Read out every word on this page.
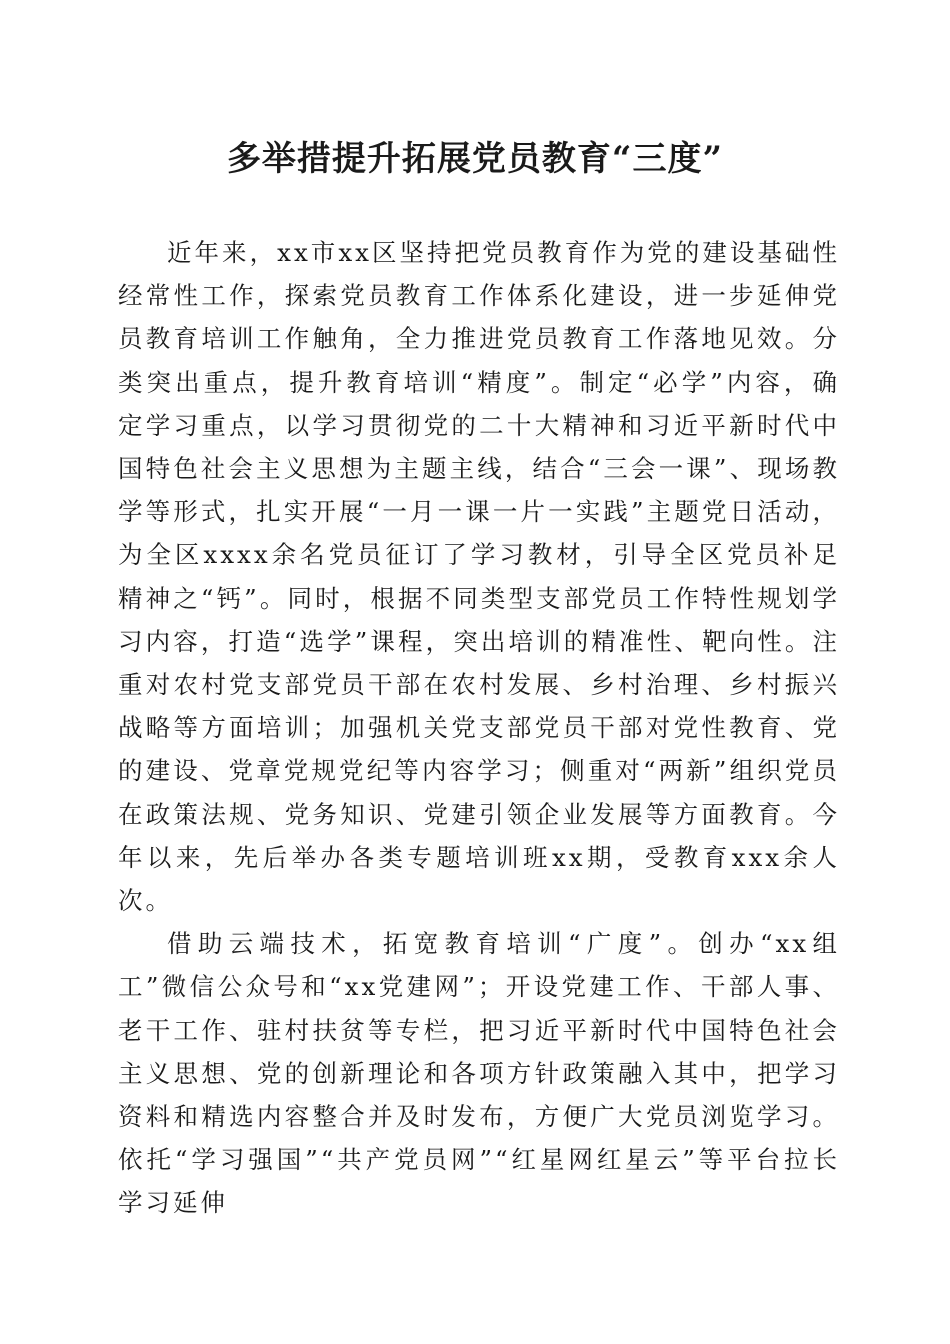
多举措提升拓展党员教育“三度”

近年来，xx市xx区坚持把党员教育作为党的建设基础性经常性工作，探索党员教育工作体系化建设，进一步延伸党员教育培训工作触角，全力推进党员教育工作落地见效。分类突出重点，提升教育培训“精度”。制定“必学”内容，确定学习重点，以学习贯彻党的二十大精神和习近平新时代中国特色社会主义思想为主题主线，结合“三会一课”、现场教学等形式，扎实开展“一月一课一片一实践”主题党日活动，为全区xxxx余名党员征订了学习教材，引导全区党员补足精神之“钙”。同时，根据不同类型支部党员工作特性规划学习内容，打造“选学”课程，突出培训的精准性、靶向性。注重对农村党支部党员干部在农村发展、乡村治理、乡村振兴战略等方面培训；加强机关党支部党员干部对党性教育、党的建设、党章党规党纪等内容学习；侧重对“两新”组织党员在政策法规、党务知识、党建引领企业发展等方面教育。今年以来，先后举办各类专题培训班xx期，受教育xxx余人次。

借助云端技术，拓宽教育培训“广度”。创办“xx组工”微信公众号和“xx党建网”；开设党建工作、干部人事、老干工作、驻村扶贫等专栏，把习近平新时代中国特色社会主义思想、党的创新理论和各项方针政策融入其中，把学习资料和精选内容整合并及时发布，方便广大党员浏览学习。依托“学习强国”“共产党员网”“红星网红星云”等平台拉长学习延伸
